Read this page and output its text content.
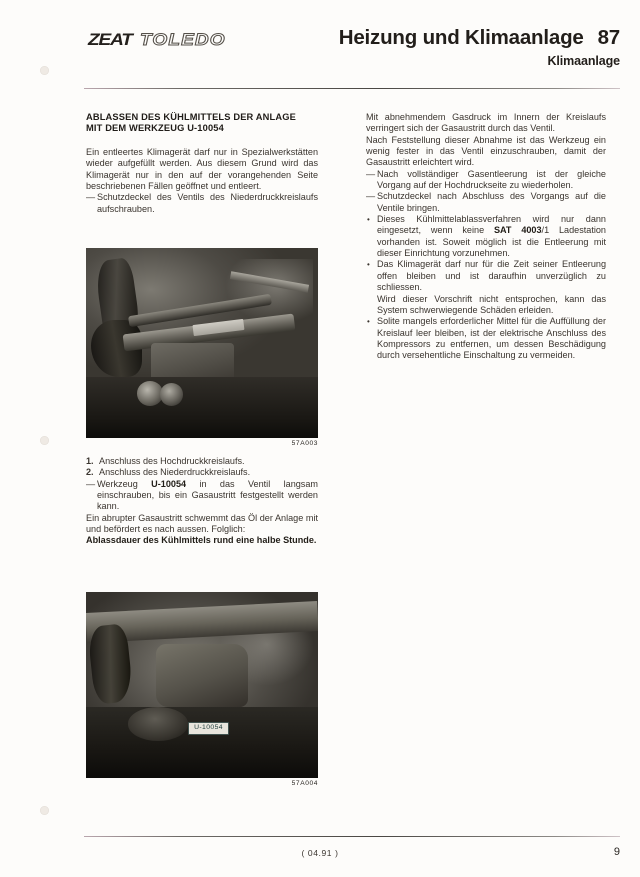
ZEAT TOLEDO	Heizung und Klimaanlage 87
Klimaanlage
ABLASSEN DES KÜHLMITTELS DER ANLAGE
MIT DEM WERKZEUG U-10054

Ein entleertes Klimagerät darf nur in Spezialwerkstätten wieder aufgefüllt werden. Aus diesem Grund wird das Klimagerät nur in den auf der vorangehenden Seite beschriebenen Fällen geöffnet und entleert.

— Schutzdeckel des Ventils des Niederdruckkreislaufs aufschrauben.

57A003

1. Anschluss des Hochdruckkreislaufs.

2. Anschluss des Niederdruckkreislaufs.

— Werkzeug U-10054 in das Ventil langsam einschrauben, bis ein Gasaustritt festgestellt werden kann.

Ein abrupter Gasaustritt schwemmt das Öl der Anlage mit und befördert es nach aussen. Folglich:

Ablassdauer des Kühlmittels rund eine halbe Stunde.

U-10054
57A004

Mit abnehmendem Gasdruck im Innern der Kreislaufs verringert sich der Gasaustritt durch das Ventil.

Nach Feststellung dieser Abnahme ist das Werkzeug ein wenig fester in das Ventil einzuschrauben, damit der Gasaustritt erleichtert wird.

— Nach vollständiger Gasentleerung ist der gleiche Vorgang auf der Hochdruckseite zu wiederholen.

— Schutzdeckel nach Abschluss des Vorgangs auf die Ventile bringen.

• Dieses Kühlmittelablassverfahren wird nur dann eingesetzt, wenn keine SAT 4003/1 Ladestation vorhanden ist. Soweit möglich ist die Entleerung mit dieser Einrichtung vorzunehmen.

• Das Klimagerät darf nur für die Zeit seiner Entleerung offen bleiben und ist daraufhin unverzüglich zu schliessen.

Wird dieser Vorschrift nicht entsprochen, kann das System schwerwiegende Schäden erleiden.

• Solite mangels erforderlicher Mittel für die Auffüllung der Kreislauf leer bleiben, ist der elektrische Anschluss des Kompressors zu entfernen, um dessen Beschädigung durch versehentliche Einschaltung zu vermeiden.

( 04.91 )	9
